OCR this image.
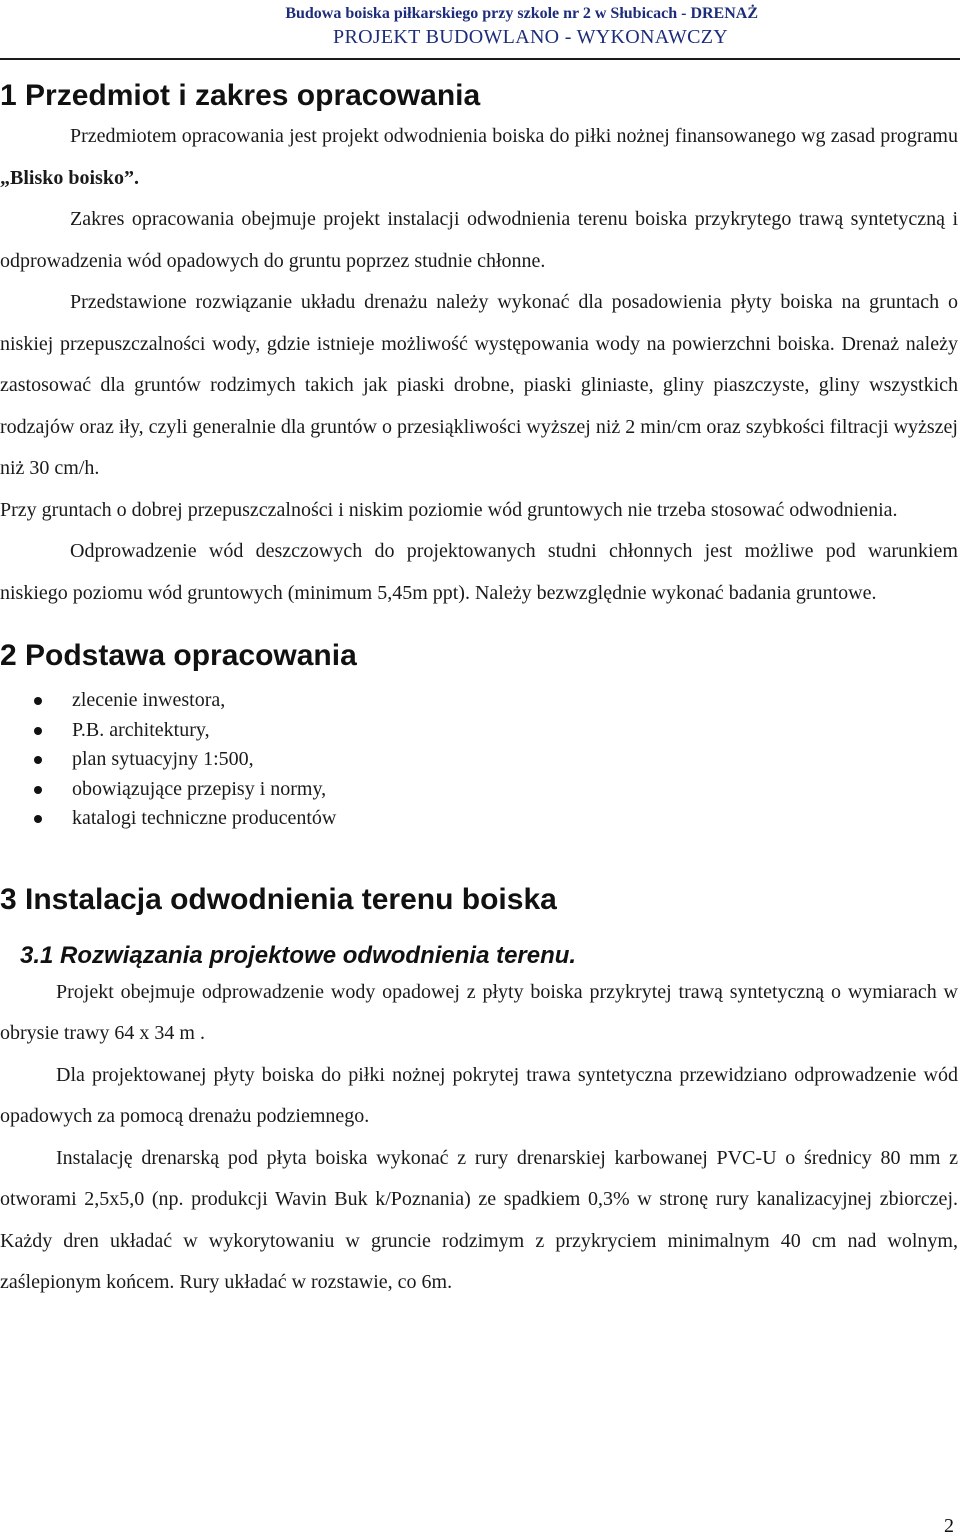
Budowa boiska piłkarskiego przy szkole nr 2 w Słubicach - DRENAŻ
PROJEKT BUDOWLANO - WYKONAWCZY
1 Przedmiot i zakres opracowania

Przedmiotem opracowania jest projekt odwodnienia boiska do piłki nożnej finansowanego wg zasad programu „Blisko boisko”.

Zakres opracowania obejmuje projekt instalacji odwodnienia terenu boiska przykrytego trawą syntetyczną i odprowadzenia wód opadowych do gruntu poprzez studnie chłonne.

Przedstawione rozwiązanie układu drenażu należy wykonać dla posadowienia płyty boiska na gruntach o niskiej przepuszczalności wody, gdzie istnieje możliwość występowania wody na powierzchni boiska. Drenaż należy zastosować dla gruntów rodzimych takich jak piaski drobne, piaski gliniaste, gliny piaszczyste, gliny wszystkich rodzajów oraz iły, czyli generalnie dla gruntów o przesiąkliwości wyższej niż 2 min/cm oraz szybkości filtracji wyższej niż 30 cm/h.

Przy gruntach o dobrej przepuszczalności i niskim poziomie wód gruntowych nie trzeba stosować odwodnienia.

Odprowadzenie wód deszczowych do projektowanych studni chłonnych jest możliwe pod warunkiem niskiego poziomu wód gruntowych (minimum 5,45m ppt). Należy bezwzględnie wykonać badania gruntowe.

2 Podstawa opracowania
zlecenie inwestora,
P.B. architektury,
plan sytuacyjny 1:500,
obowiązujące przepisy i normy,
katalogi techniczne producentów
3 Instalacja odwodnienia terenu boiska
3.1 Rozwiązania projektowe odwodnienia terenu.

Projekt obejmuje odprowadzenie wody opadowej z płyty boiska przykrytej trawą syntetyczną o wymiarach w obrysie trawy 64 x 34 m .

Dla projektowanej płyty boiska do piłki nożnej pokrytej trawa syntetyczna przewidziano odprowadzenie wód opadowych za pomocą drenażu podziemnego.

Instalację drenarską pod płyta boiska wykonać z rury drenarskiej karbowanej PVC-U o średnicy 80 mm z otworami 2,5x5,0 (np. produkcji Wavin Buk k/Poznania) ze spadkiem 0,3% w stronę rury kanalizacyjnej zbiorczej. Każdy dren układać w wykorytowaniu w gruncie rodzimym z przykryciem minimalnym 40 cm nad wolnym, zaślepionym końcem. Rury układać w rozstawie, co 6m.

2
